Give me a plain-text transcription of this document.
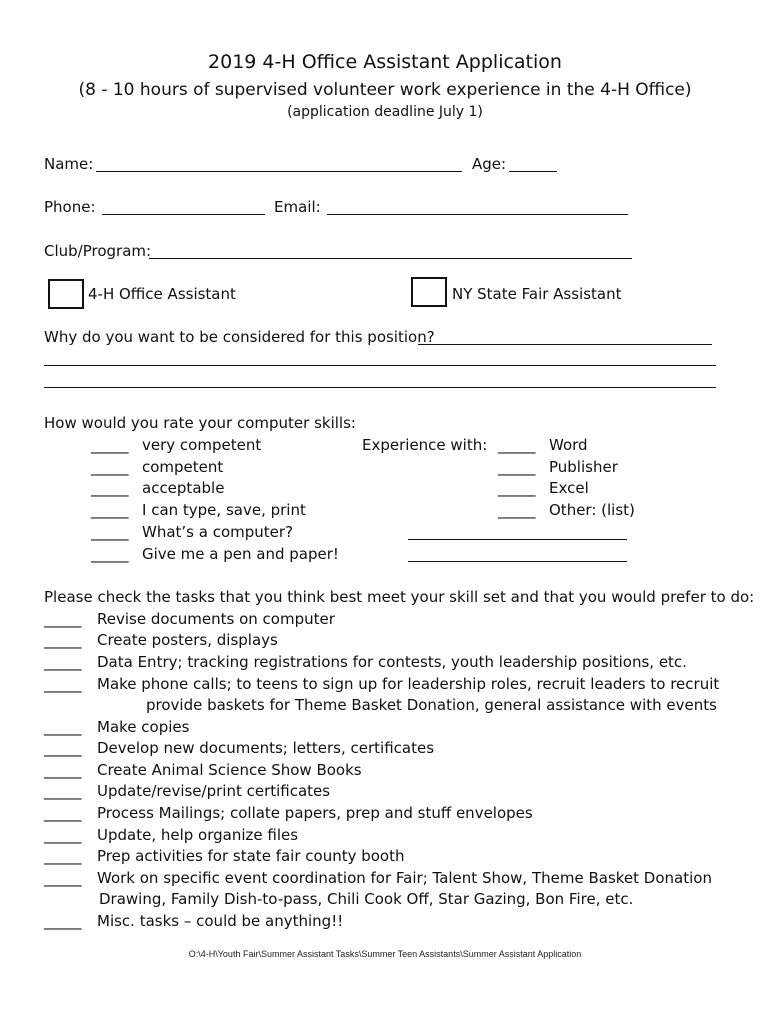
2019 4-H Office Assistant Application
(8 - 10 hours of supervised volunteer work experience in the 4-H Office)
(application deadline July 1)
Name:	Age:
Phone:	Email:
Club/Program:
4-H Office Assistant	NY State Fair Assistant
Why do you want to be considered for this position?
How would you rate your computer skills:
_____ very competent
_____ competent
_____ acceptable
_____ I can type, save, print
_____ What’s a computer?
_____ Give me a pen and paper!
Experience with: _____ Word
_____ Publisher
_____ Excel
_____ Other: (list)
Please check the tasks that you think best meet your skill set and that you would prefer to do:
_____ Revise documents on computer
_____ Create posters, displays
_____ Data Entry; tracking registrations for contests, youth leadership positions, etc.
_____ Make phone calls; to teens to sign up for leadership roles, recruit leaders to recruit
provide baskets for Theme Basket Donation, general assistance with events
_____ Make copies
_____ Develop new documents; letters, certificates
_____ Create Animal Science Show Books
_____ Update/revise/print certificates
_____ Process Mailings; collate papers, prep and stuff envelopes
_____ Update, help organize files
_____ Prep activities for state fair county booth
_____ Work on specific event coordination for Fair; Talent Show, Theme Basket Donation
Drawing, Family Dish-to-pass, Chili Cook Off, Star Gazing, Bon Fire, etc.
_____ Misc. tasks – could be anything!!
O:\4-H\Youth Fair\Summer Assistant Tasks\Summer Teen Assistants\Summer Assistant Application
